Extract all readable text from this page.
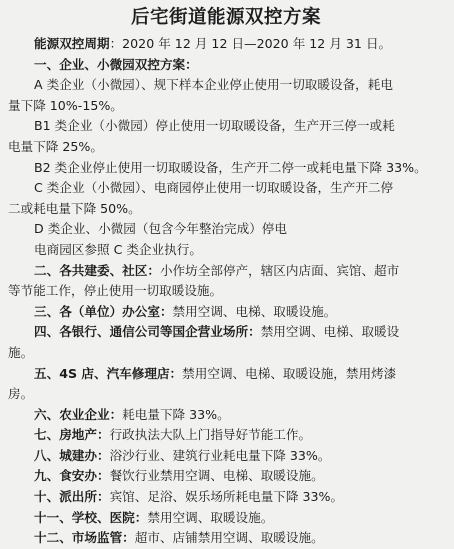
后宅街道能源双控方案
能源双控周期：2020 年 12 月 12 日—2020 年 12 月 31 日。
一、企业、小微园双控方案：
A 类企业（小微园）、规下样本企业停止使用一切取暖设备，耗电
量下降 10%-15%。
B1 类企业（小微园）停止使用一切取暖设备，生产开三停一或耗
电量下降 25%。
B2 类企业停止使用一切取暖设备，生产开二停一或耗电量下降 33%。
C 类企业（小微园）、电商园停止使用一切取暖设备，生产开二停
二或耗电量下降 50%。
D 类企业、小微园（包含今年整治完成）停电
电商园区参照 C 类企业执行。
二、各共建委、社区：小作坊全部停产，辖区内店面、宾馆、超市
等节能工作，停止使用一切取暖设施。
三、各（单位）办公室：禁用空调、电梯、取暖设施。
四、各银行、通信公司等国企营业场所：禁用空调、电梯、取暖设
施。
五、4S 店、汽车修理店：禁用空调、电梯、取暖设施，禁用烤漆
房。
六、农业企业：耗电量下降 33%。
七、房地产：行政执法大队上门指导好节能工作。
八、城建办：浴沙行业、建筑行业耗电量下降 33%。
九、食安办：餐饮行业禁用空调、电梯、取暖设施。
十、派出所：宾馆、足浴、娱乐场所耗电量下降 33%。
十一、学校、医院：禁用空调、取暖设施。
十二、市场监管：超市、店铺禁用空调、取暖设施。
